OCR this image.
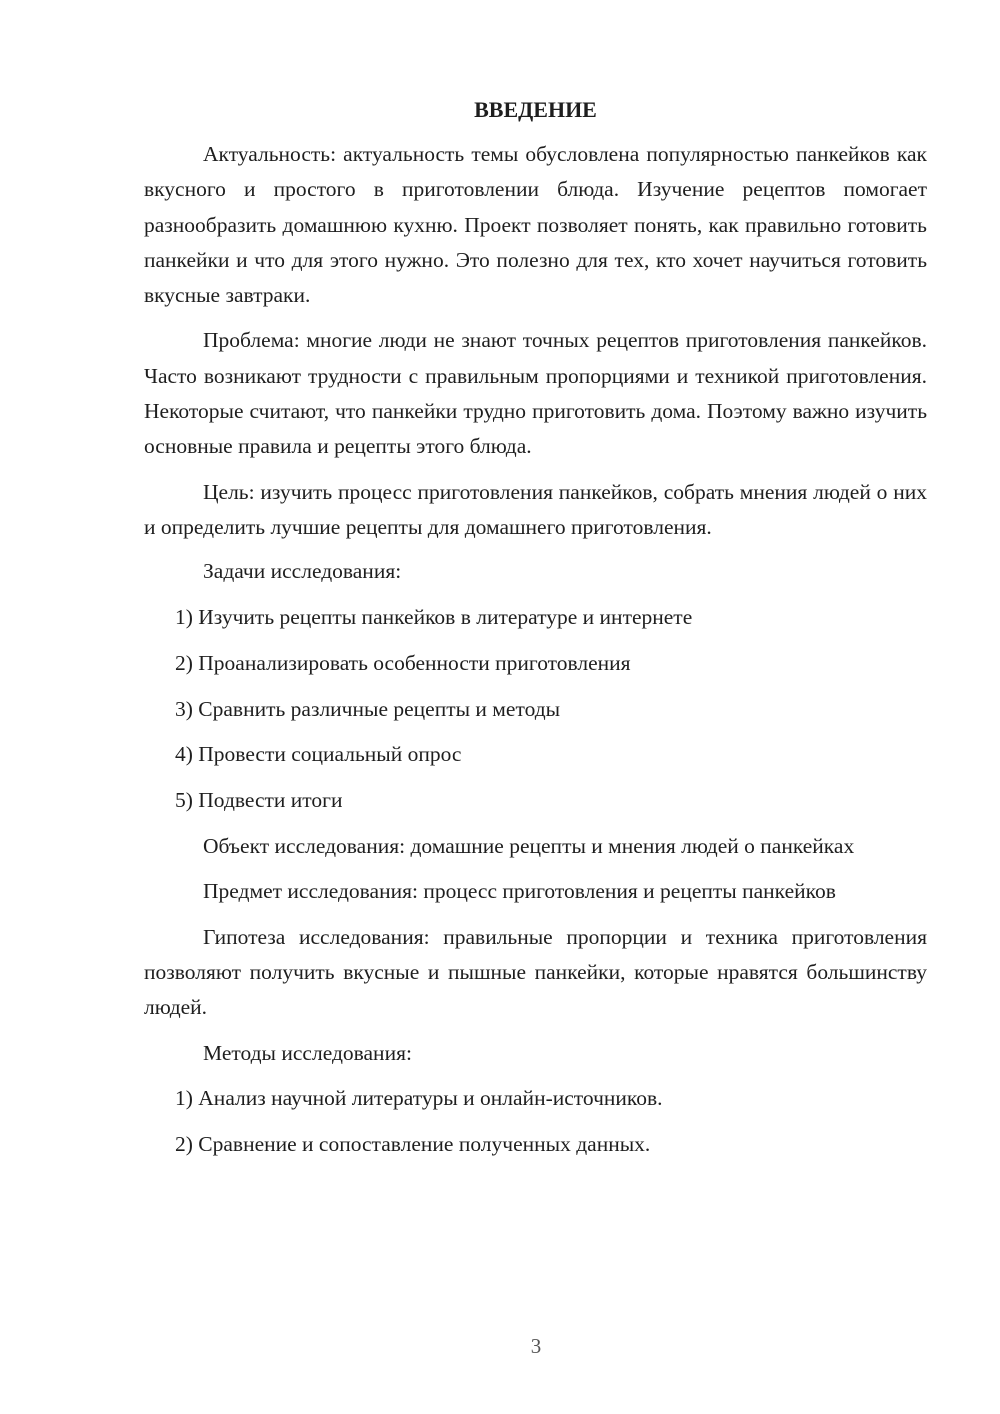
ВВЕДЕНИЕ

Актуальность: актуальность темы обусловлена популярностью панкейков как вкусного и простого в приготовлении блюда. Изучение рецептов помогает разнообразить домашнюю кухню. Проект позволяет понять, как правильно готовить панкейки и что для этого нужно. Это полезно для тех, кто хочет научиться готовить вкусные завтраки.

Проблема: многие люди не знают точных рецептов приготовления панкейков. Часто возникают трудности с правильным пропорциями и техникой приготовления. Некоторые считают, что панкейки трудно приготовить дома. Поэтому важно изучить основные правила и рецепты этого блюда.

Цель: изучить процесс приготовления панкейков, собрать мнения людей о них и определить лучшие рецепты для домашнего приготовления.

Задачи исследования:
1) Изучить рецепты панкейков в литературе и интернете
2) Проанализировать особенности приготовления
3) Сравнить различные рецепты и методы
4) Провести социальный опрос
5) Подвести итоги

Объект исследования: домашние рецепты и мнения людей о панкейках

Предмет исследования: процесс приготовления и рецепты панкейков

Гипотеза исследования: правильные пропорции и техника приготовления позволяют получить вкусные и пышные панкейки, которые нравятся большинству людей.

Методы исследования:
1) Анализ научной литературы и онлайн-источников.
2) Сравнение и сопоставление полученных данных.
3
